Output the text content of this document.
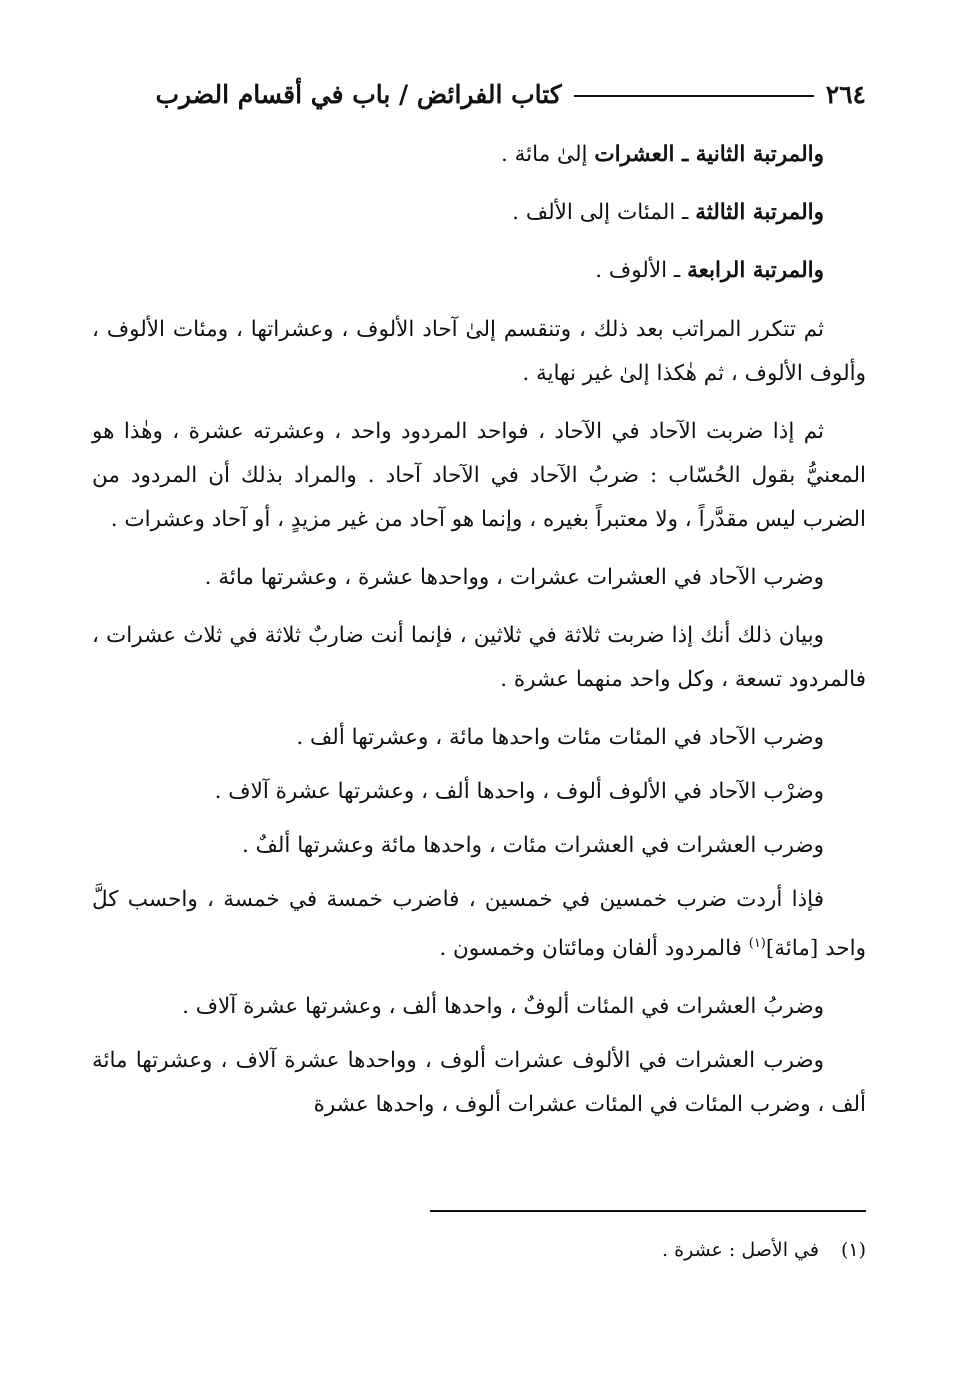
٢٦٤
كتاب الفرائض / باب في أقسام الضرب

والمرتبة الثانية ـ العشرات إلىٰ مائة .

والمرتبة الثالثة ـ المئات إلى الألف .

والمرتبة الرابعة ـ الألوف .

ثم تتكرر المراتب بعد ذلك ، وتنقسم إلىٰ آحاد الألوف ، وعشراتها ، ومئات الألوف ، وألوف الألوف ، ثم هٰكذا إلىٰ غير نهاية .

ثم إذا ضربت الآحاد في الآحاد ، فواحد المردود واحد ، وعشرته عشرة ، وهٰذا هو المعنيُّ بقول الحُسّاب : ضربُ الآحاد في الآحاد آحاد . والمراد بذلك أن المردود من الضرب ليس مقدَّراً ، ولا معتبراً بغيره ، وإنما هو آحاد من غير مزيدٍ ، أو آحاد وعشرات .

وضرب الآحاد في العشرات عشرات ، وواحدها عشرة ، وعشرتها مائة .

وبيان ذلك أنك إذا ضربت ثلاثة في ثلاثين ، فإنما أنت ضاربٌ ثلاثة في ثلاث عشرات ، فالمردود تسعة ، وكل واحد منهما عشرة .

وضرب الآحاد في المئات مئات واحدها مائة ، وعشرتها ألف .

وضرْب الآحاد في الألوف ألوف ، واحدها ألف ، وعشرتها عشرة آلاف .

وضرب العشرات في العشرات مئات ، واحدها مائة وعشرتها ألفٌ .

فإذا أردت ضرب خمسين في خمسين ، فاضرب خمسة في خمسة ، واحسب كلَّ واحد [مائة]$^{(١)}$ فالمردود ألفان ومائتان وخمسون .

وضربُ العشرات في المئات ألوفٌ ، واحدها ألف ، وعشرتها عشرة آلاف .

وضرب العشرات في الألوف عشرات ألوف ، وواحدها عشرة آلاف ، وعشرتها مائة ألف ، وضرب المئات في المئات عشرات ألوف ، واحدها عشرة

(١)في الأصل : عشرة .
